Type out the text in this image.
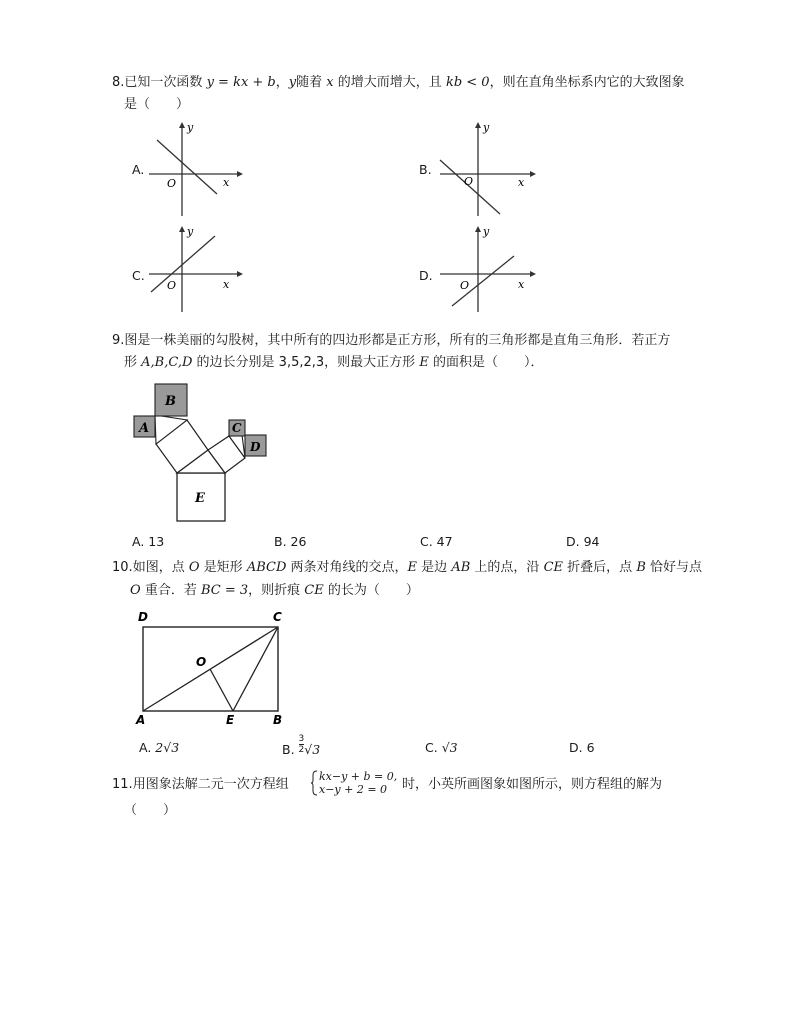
8.已知一次函数 y = kx + b，y随着 x 的增大而增大，且 kb < 0，则在直角坐标系内它的大致图象
是（　　）
A.
y
x
O
B.
y
x
O
C.
y
x
O
D.
y
x
O
9.图是一株美丽的勾股树，其中所有的四边形都是正方形，所有的三角形都是直角三角形．若正方
形 A,B,C,D 的边长分别是 3,5,2,3，则最大正方形 E 的面积是（　　）．
A
B
C
D
E
A. 13	B. 26	C. 47	D. 94
10.如图，点 O 是矩形 ABCD 两条对角线的交点，E 是边 AB 上的点，沿 CE 折叠后，点 B 恰好与点
O 重合．若 BC = 3，则折痕 CE 的长为（　　）
D	C
O
A	E	B
A. 2√3	B. $\frac{3}{2} √3$	C. √3	D. 6
11.用图象法解二元一次方程组
kx−y + b = 0,
x−y + 2 = 0 时，小英所画图象如图所示，则方程组的解为
（　　）
